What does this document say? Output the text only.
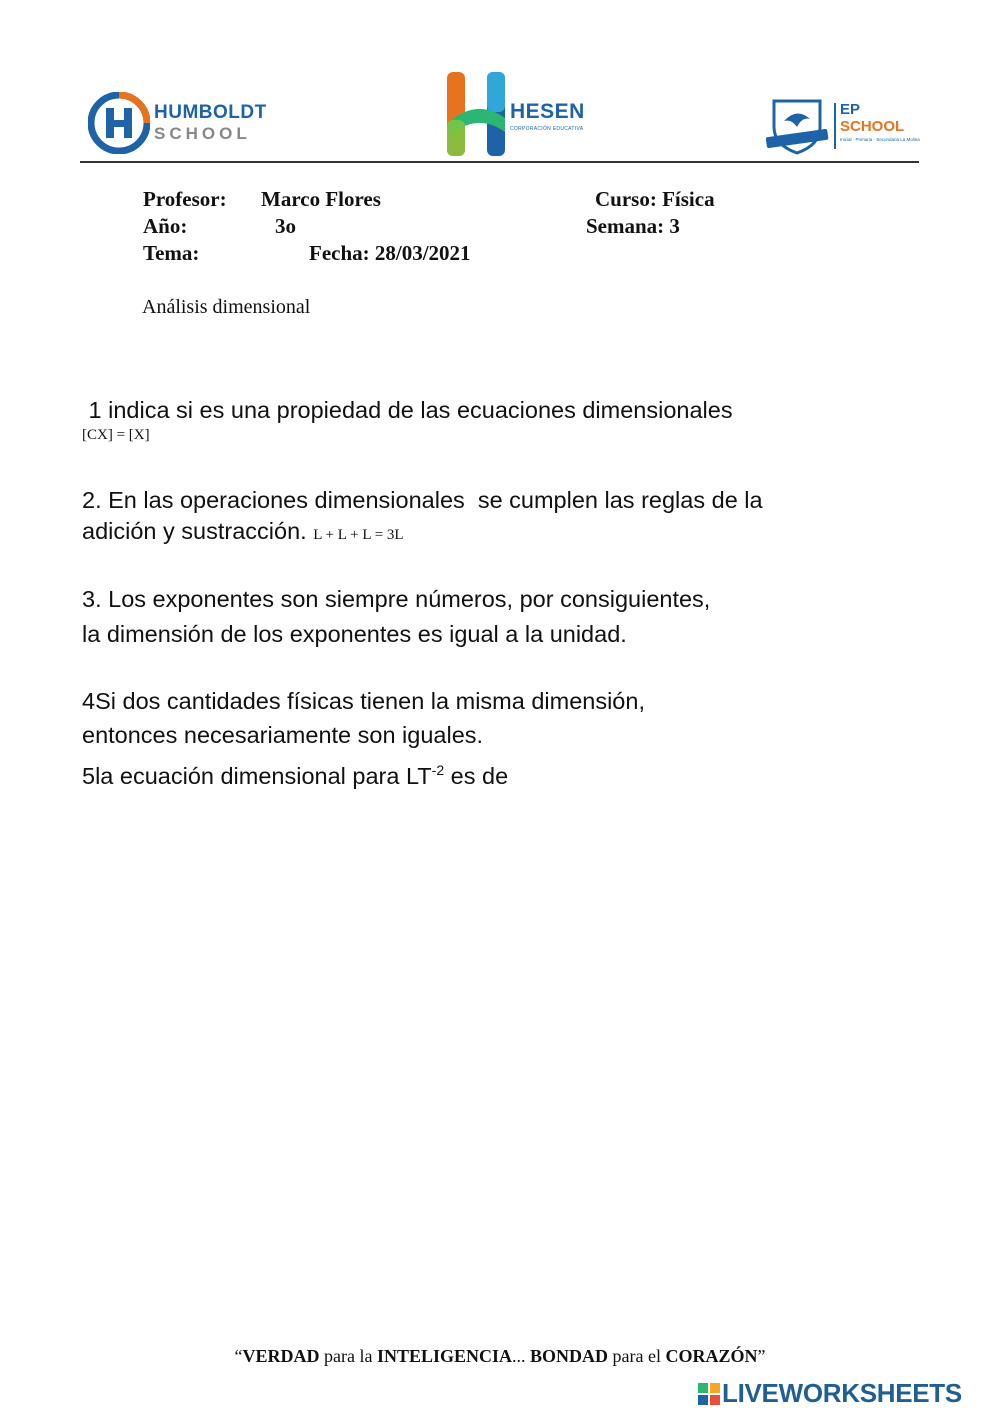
HUMBOLDT
SCHOOL
HESEN
CORPORACIÓN EDUCATIVA
EP
SCHOOL
Inicial · Primaria · Secundaria La Molina
Profesor: Marco Flores	Curso: Física
Año:	3o	Semana: 3
Tema:	Fecha: 28/03/2021
Análisis dimensional
1 indica si es una propiedad de las ecuaciones dimensionales
[CX] = [X]
2. En las operaciones dimensionales  se cumplen las reglas de la
adición y sustracción. L + L + L = 3L
3. Los exponentes son siempre números, por consiguientes,
la dimensión de los exponentes es igual a la unidad.
4Si dos cantidades físicas tienen la misma dimensión,
entonces necesariamente son iguales.
5la ecuación dimensional para $LT^{-2}$ es de
“VERDAD para la INTELIGENCIA... BONDAD para el CORAZÓN”
LIVEWORKSHEETS
